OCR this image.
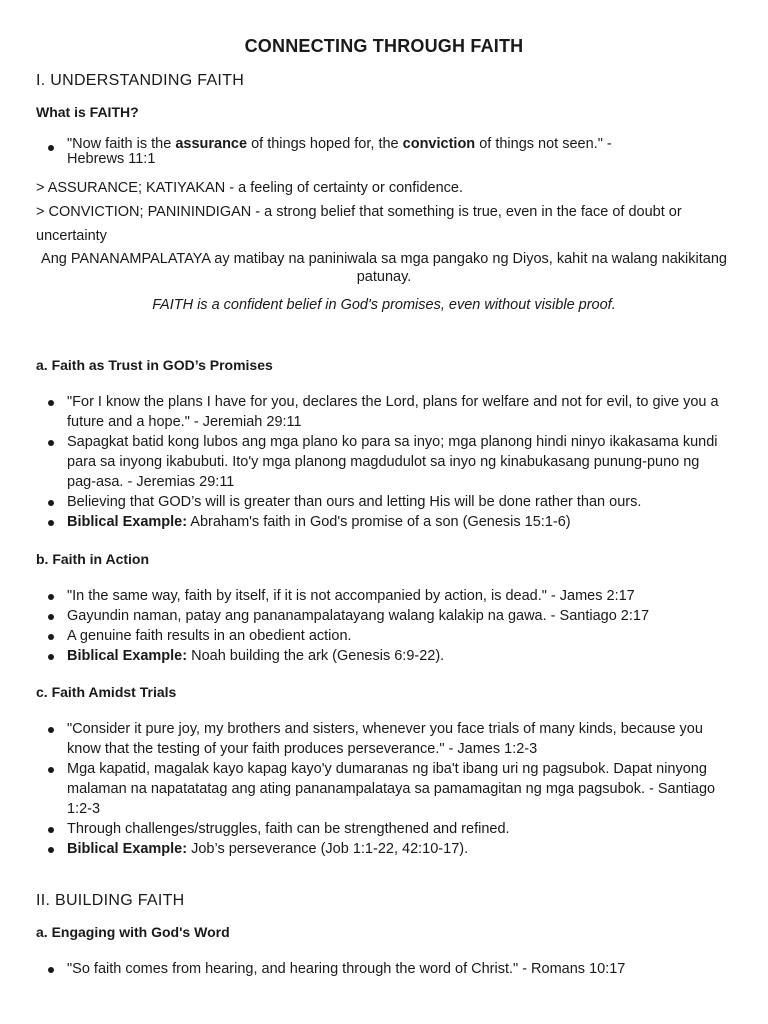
CONNECTING THROUGH FAITH
I. UNDERSTANDING FAITH
What is FAITH?
"Now faith is the assurance of things hoped for, the conviction of things not seen." -
Hebrews 11:1

> ASSURANCE; KATIYAKAN - a feeling of certainty or confidence.

> CONVICTION; PANININDIGAN - a strong belief that something is true, even in the face of doubt or uncertainty

Ang PANANAMPALATAYA ay matibay na paniniwala sa mga pangako ng Diyos, kahit na walang nakikitang patunay.

FAITH is a confident belief in God's promises, even without visible proof.

a. Faith as Trust in GOD’s Promises
"For I know the plans I have for you, declares the Lord, plans for welfare and not for evil, to give you a future and a hope." - Jeremiah 29:11
Sapagkat batid kong lubos ang mga plano ko para sa inyo; mga planong hindi ninyo ikakasama kundi para sa inyong ikabubuti. Ito'y mga planong magdudulot sa inyo ng kinabukasang punung-puno ng pag-asa. - Jeremias 29:11
Believing that GOD’s will is greater than ours and letting His will be done rather than ours.
Biblical Example: Abraham's faith in God's promise of a son (Genesis 15:1-6)
b. Faith in Action
"In the same way, faith by itself, if it is not accompanied by action, is dead." - James 2:17
Gayundin naman, patay ang pananampalatayang walang kalakip na gawa. - Santiago 2:17
A genuine faith results in an obedient action.
Biblical Example: Noah building the ark (Genesis 6:9-22).
c. Faith Amidst Trials
"Consider it pure joy, my brothers and sisters, whenever you face trials of many kinds, because you know that the testing of your faith produces perseverance." - James 1:2-3
Mga kapatid, magalak kayo kapag kayo'y dumaranas ng iba't ibang uri ng pagsubok. Dapat ninyong malaman na napatatatag ang ating pananampalataya sa pamamagitan ng mga pagsubok. - Santiago 1:2-3
Through challenges/struggles, faith can be strengthened and refined.
Biblical Example: Job’s perseverance (Job 1:1-22, 42:10-17).
II. BUILDING FAITH
a. Engaging with God's Word
"So faith comes from hearing, and hearing through the word of Christ." - Romans 10:17
